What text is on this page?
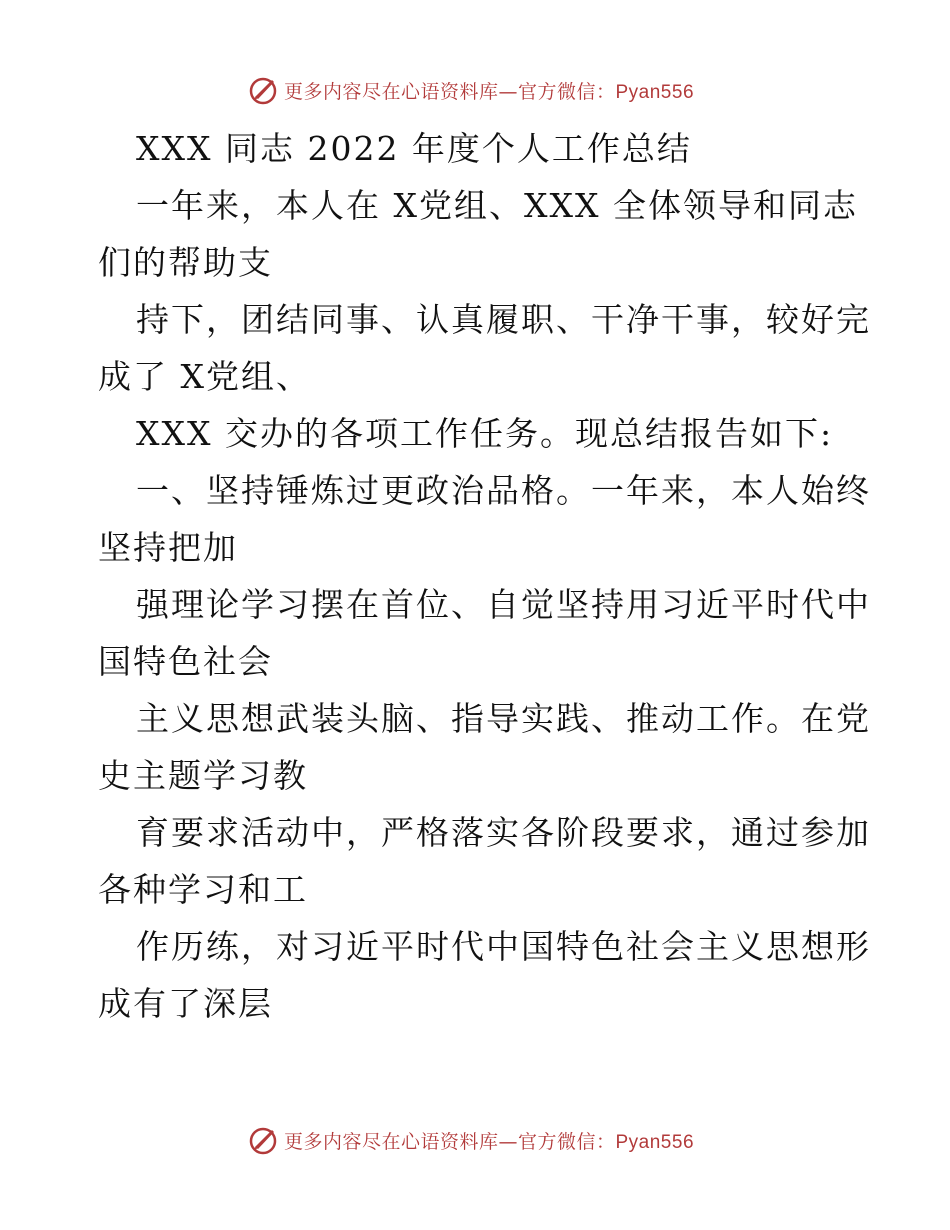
更多内容尽在心语资料库—官方微信：Pyan556
XXX 同志 2022 年度个人工作总结
一年来，本人在 X党组、XXX 全体领导和同志
们的帮助支
持下，团结同事、认真履职、干净干事，较好完
成了 X党组、
XXX 交办的各项工作任务。现总结报告如下:
一、坚持锤炼过更政治品格。一年来，本人始终
坚持把加
强理论学习摆在首位、自觉坚持用习近平时代中
国特色社会
主义思想武装头脑、指导实践、推动工作。在党
史主题学习教
育要求活动中，严格落实各阶段要求，通过参加
各种学习和工
作历练，对习近平时代中国特色社会主义思想形
成有了深层
更多内容尽在心语资料库—官方微信：Pyan556
